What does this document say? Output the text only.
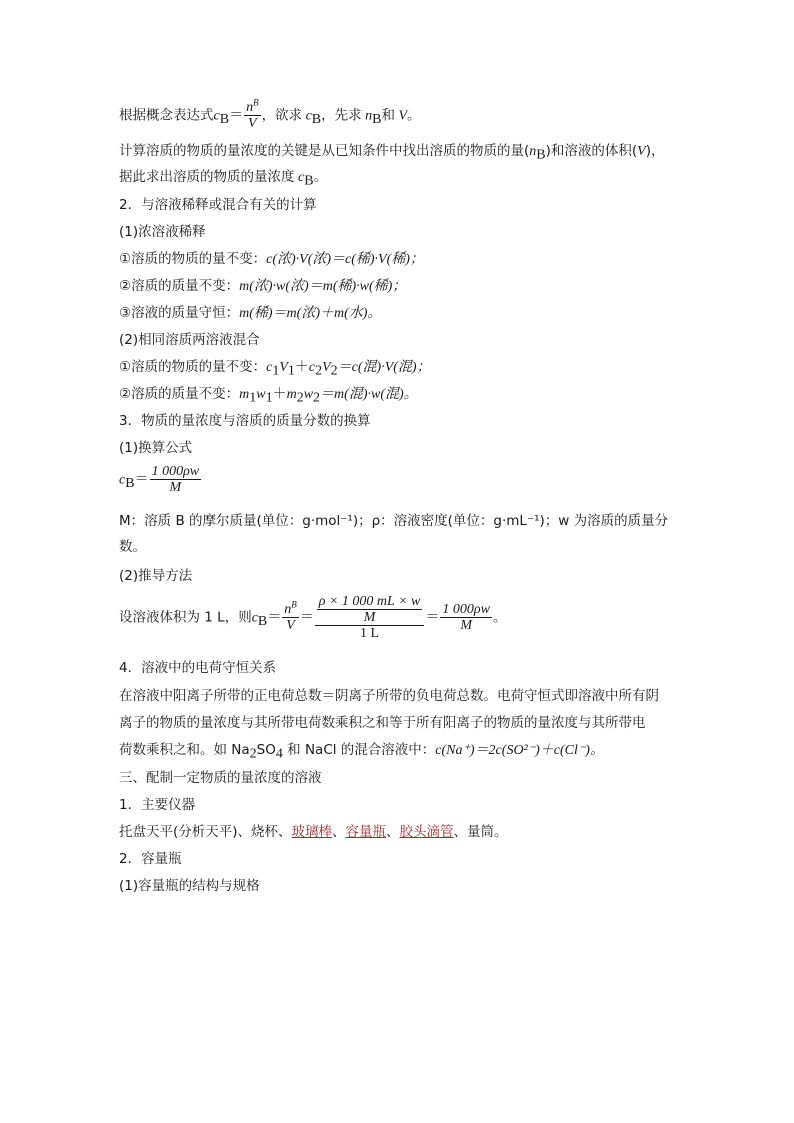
根据概念表达式$c_B= \frac{n^B}{V}$ ，欲求 $c_B$，先求 $n_B$和 V。
计算溶质的物质的量浓度的关键是从已知条件中找出溶质的物质的量$(n_B)$和溶液的体积(V)，
据此求出溶质的物质的量浓度 $c_B$。
2．与溶液稀释或混合有关的计算
(1)浓溶液稀释
①溶质的物质的量不变：c(浓)·V(浓)＝c(稀)·V(稀)；
②溶质的质量不变：m(浓)·w(浓)＝m(稀)·w(稀)；
③溶液的质量守恒：m(稀)＝m(浓)＋m(水)。
(2)相同溶质两溶液混合
①溶质的物质的量不变：$c_1V_1+c_2V_2=c$(混)·V(混)；
②溶质的质量不变：$m_1w_1+m_2w_2=m$(混)·w(混)。
3．物质的量浓度与溶质的质量分数的换算
(1)换算公式
$c_B= \frac{1 000\rho w}{M}$
M：溶质 B 的摩尔质量(单位：g·mol⁻¹)；ρ：溶液密度(单位：g·mL⁻¹)；w 为溶质的质量分
数。
(2)推导方法
设溶液体积为 1 L，则$c_B= \frac{n^B}{V} = \frac{\frac{\rho \times 1 000 mL \times w}{M}}{1 L} = \frac{1 000\rho w}{M}$ 。
4．溶液中的电荷守恒关系
在溶液中阳离子所带的正电荷总数＝阴离子所带的负电荷总数。电荷守恒式即溶液中所有阴
离子的物质的量浓度与其所带电荷数乘积之和等于所有阳离子的物质的量浓度与其所带电
荷数乘积之和。如 $Na_2SO_4$ 和 NaCl 的混合溶液中：c(Na⁺)＝2c(SO²⁻)＋c(Cl⁻)。
三、配制一定物质的量浓度的溶液
1．主要仪器
托盘天平(分析天平)、烧杯、玻璃棒、容量瓶、胶头滴管、量筒。
2．容量瓶
(1)容量瓶的结构与规格
